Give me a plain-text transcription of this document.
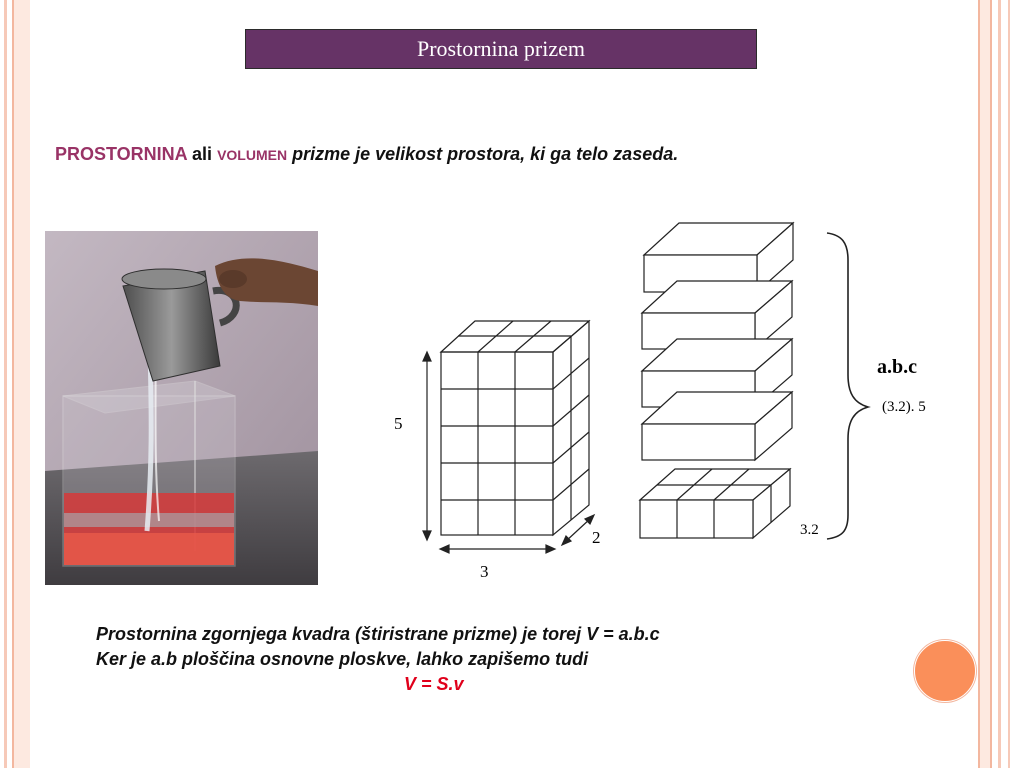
Prostornina prizem
PROSTORNINA ali VOLUMEN prizme je velikost prostora, ki ga telo zaseda.
5
3
2
a.b.c
(3.2). 5
3.2
Prostornina zgornjega kvadra (štiristrane prizme) je torej V = a.b.c
Ker je a.b ploščina osnovne ploskve, lahko zapišemo tudi
V = S.v
